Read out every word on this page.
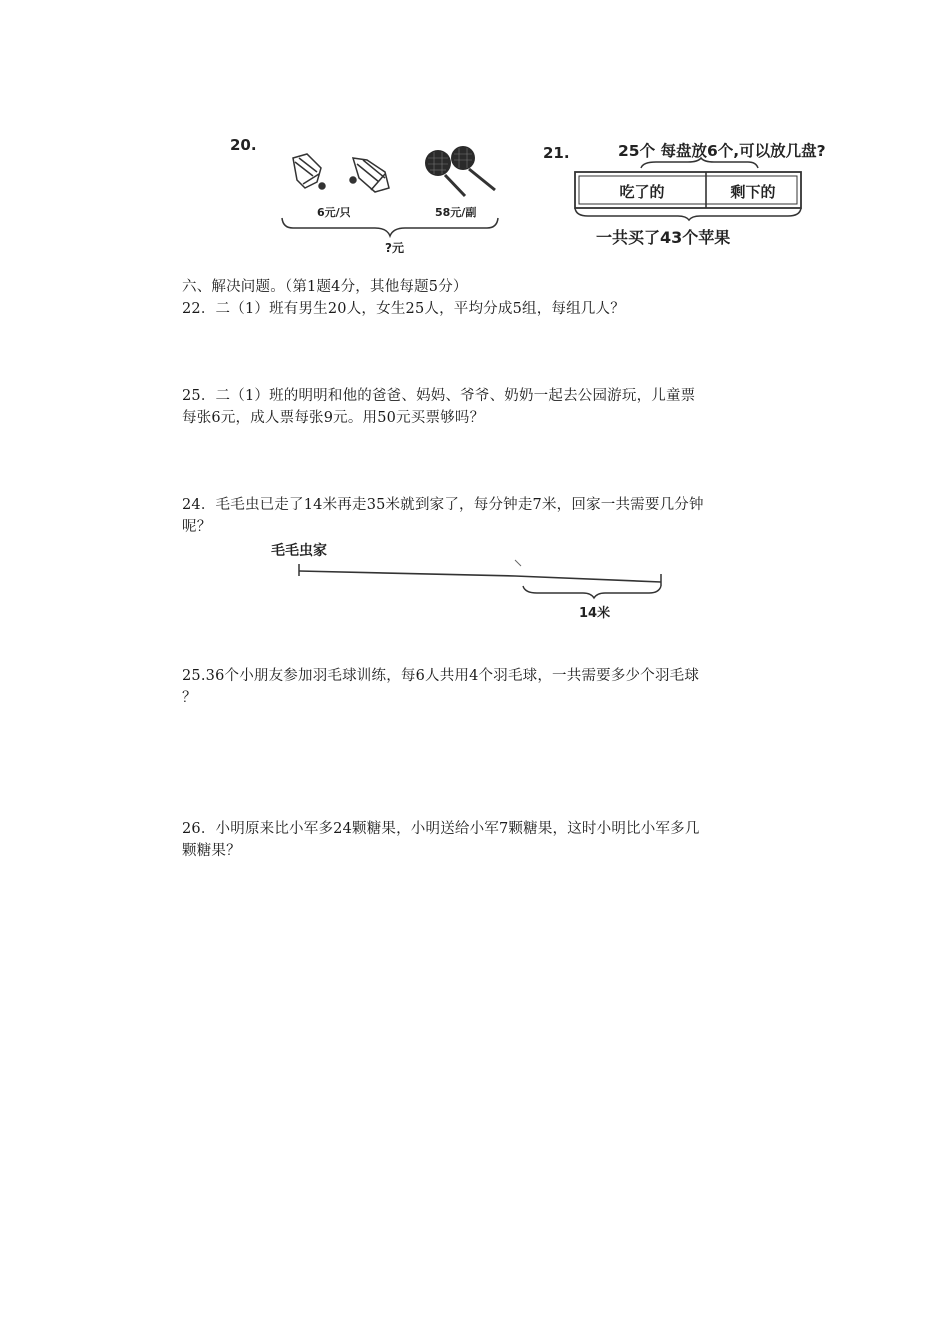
20.
6元/只	58元/副
?元
21.	25个 每盘放6个,可以放几盘?
吃了的	剩下的
一共买了43个苹果
六、解决问题。（第1题4分，其他每题5分）
22．二（1）班有男生20人，女生25人，平均分成5组，每组几人？
25．二（1）班的明明和他的爸爸、妈妈、爷爷、奶奶一起去公园游玩，儿童票
每张6元，成人票每张9元。用50元买票够吗？
24．毛毛虫已走了14米再走35米就到家了，每分钟走7米，回家一共需要几分钟
呢？
毛毛虫家
14米
25.36个小朋友参加羽毛球训练，每6人共用4个羽毛球，一共需要多少个羽毛球
？
26．小明原来比小军多24颗糖果，小明送给小军7颗糖果，这时小明比小军多几
颗糖果？
